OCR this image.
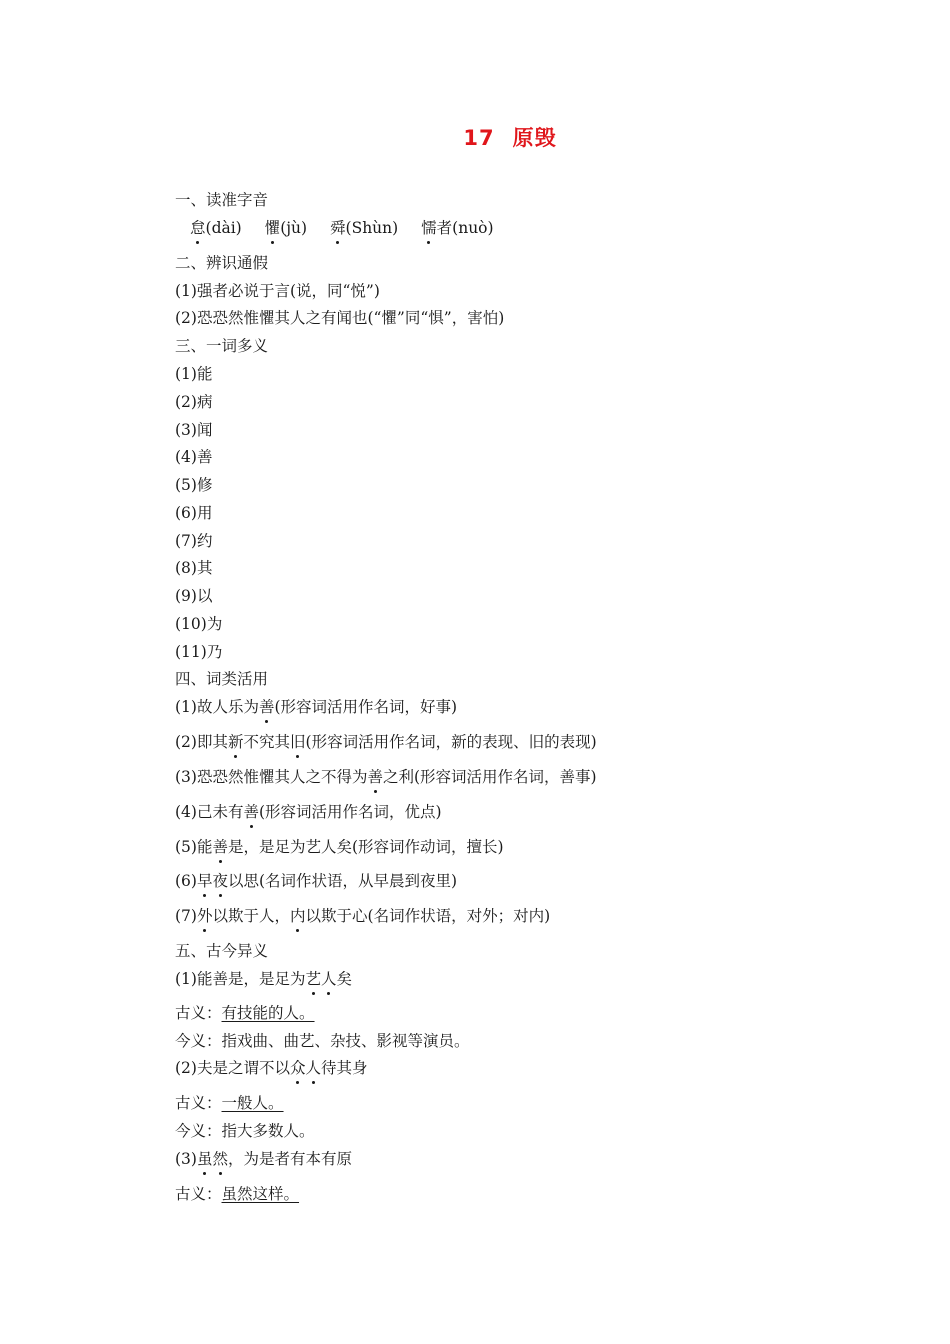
17 原毁
一、读准字音
怠(dài) 懼(jù) 舜(Shùn) 懦者(nuò)
二、辨识通假
(1)强者必说于言(说，同“悦”)
(2)恐恐然惟懼其人之有闻也(“懼”同“惧”，害怕)
三、一词多义
(1)能
(2)病
(3)闻
(4)善
(5)修
(6)用
(7)约
(8)其
(9)以
(10)为
(11)乃
四、词类活用
(1)故人乐为善(形容词活用作名词，好事)
(2)即其新不究其旧(形容词活用作名词，新的表现、旧的表现)
(3)恐恐然惟懼其人之不得为善之利(形容词活用作名词，善事)
(4)己未有善(形容词活用作名词，优点)
(5)能善是，是足为艺人矣(形容词作动词，擅长)
(6)早夜以思(名词作状语，从早晨到夜里)
(7)外以欺于人，内以欺于心(名词作状语，对外；对内)
五、古今异义
(1)能善是，是足为艺人矣
古义：有技能的人。
今义：指戏曲、曲艺、杂技、影视等演员。
(2)夫是之谓不以众人待其身
古义：一般人。
今义：指大多数人。
(3)虽然，为是者有本有原
古义：虽然这样。
